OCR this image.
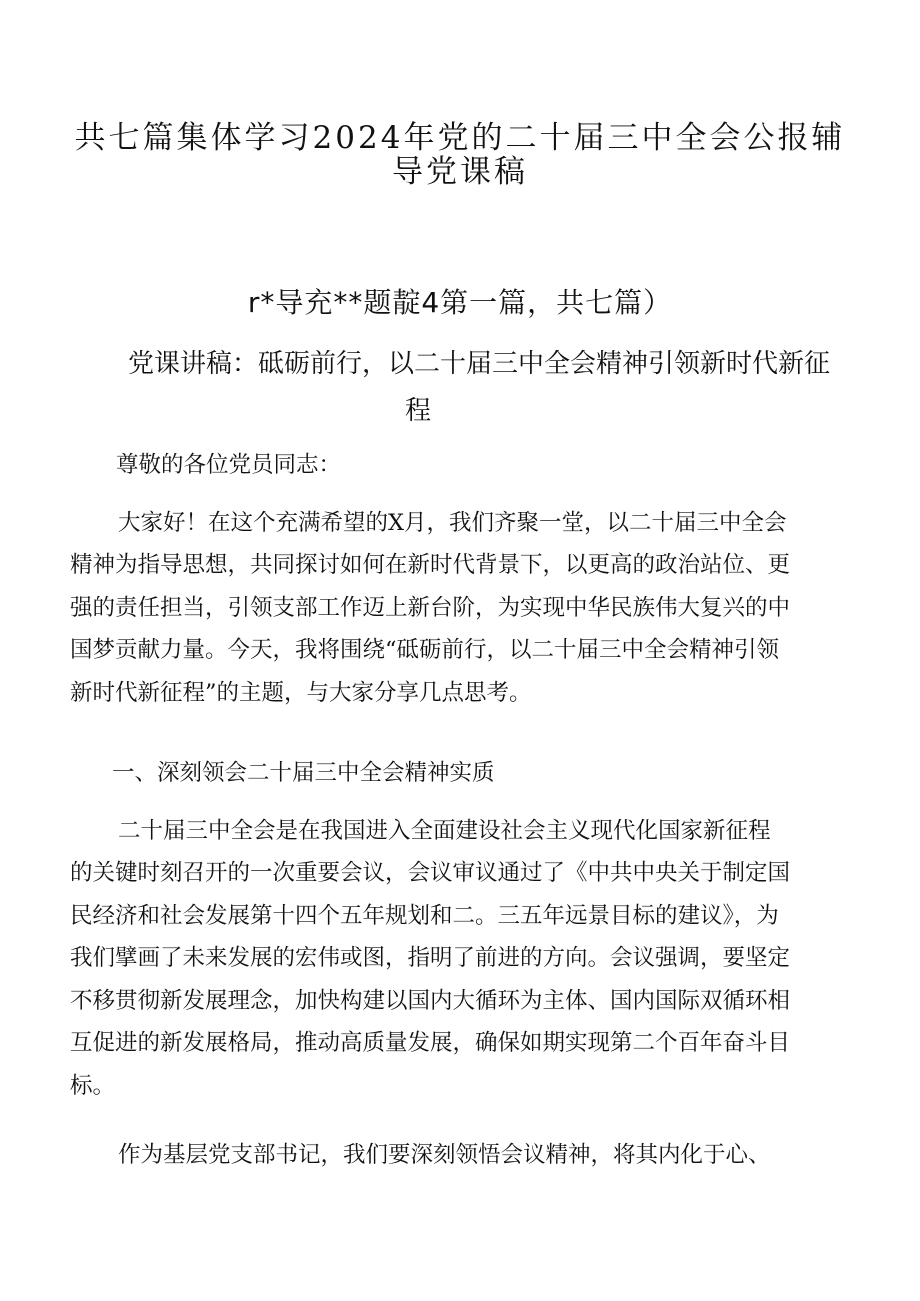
共七篇集体学习2024年党的二十届三中全会公报辅
导党课稿
r*导充**题靛4第一篇，共七篇）
党课讲稿：砥砺前行，以二十届三中全会精神引领新时代新征
程
尊敬的各位党员同志：
大家好！在这个充满希望的X月，我们齐聚一堂，以二十届三中全会
精神为指导思想，共同探讨如何在新时代背景下，以更高的政治站位、更
强的责任担当，引领支部工作迈上新台阶，为实现中华民族伟大复兴的中
国梦贡献力量。今天，我将围绕“砥砺前行，以二十届三中全会精神引领
新时代新征程”的主题，与大家分享几点思考。
一、深刻领会二十届三中全会精神实质
二十届三中全会是在我国进入全面建设社会主义现代化国家新征程
的关键时刻召开的一次重要会议，会议审议通过了《中共中央关于制定国
民经济和社会发展第十四个五年规划和二。三五年远景目标的建议》，为
我们擘画了未来发展的宏伟或图，指明了前进的方向。会议强调，要坚定
不移贯彻新发展理念，加快构建以国内大循环为主体、国内国际双循环相
互促进的新发展格局，推动高质量发展，确保如期实现第二个百年奋斗目
标。
作为基层党支部书记，我们要深刻领悟会议精神，将其内化于心、
